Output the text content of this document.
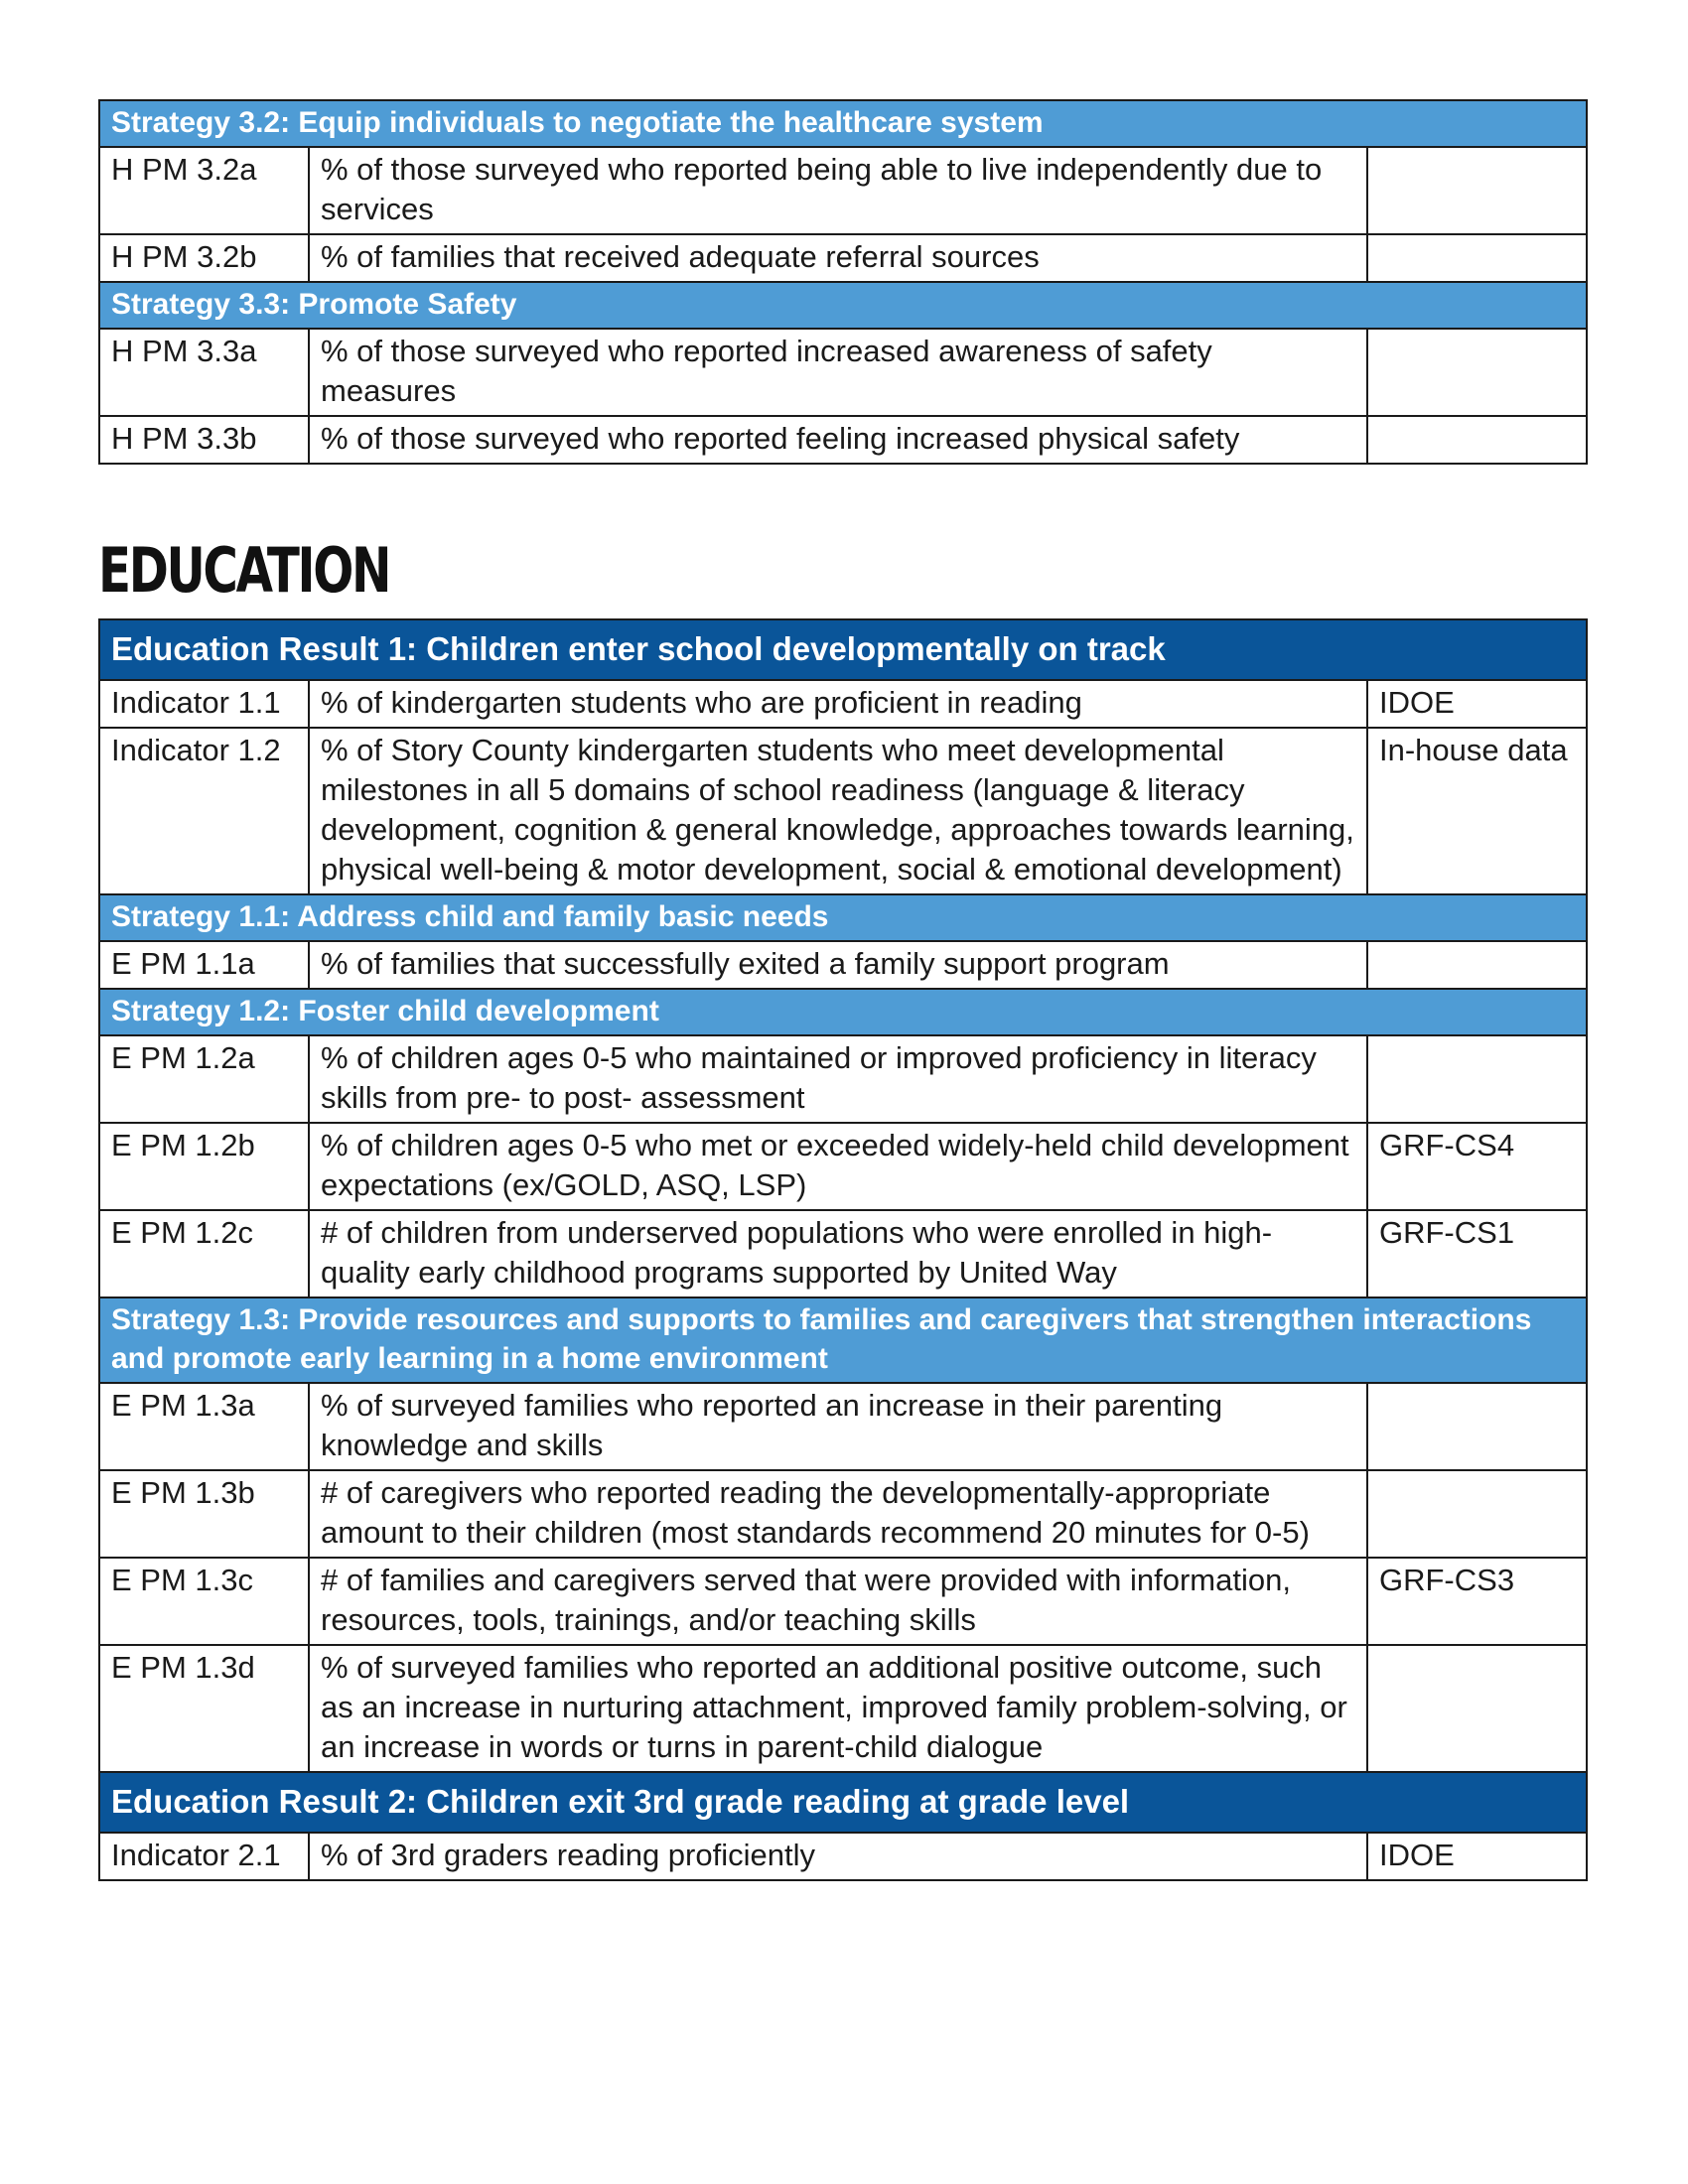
Strategy 3.2: Equip individuals to negotiate the healthcare system		
H PM 3.2a	% of those surveyed who reported being able to live independently due to services	
H PM 3.2b	% of families that received adequate referral sources	
Strategy 3.3: Promote Safety		
H PM 3.3a	% of those surveyed who reported increased awareness of safety measures	
H PM 3.3b	% of those surveyed who reported feeling increased physical safety	
EDUCATION
Education Result 1: Children enter school developmentally on track		
Indicator 1.1	% of kindergarten students who are proficient in reading	IDOE
Indicator 1.2	% of Story County kindergarten students who meet developmental milestones in all 5 domains of school readiness (language & literacy development, cognition & general knowledge, approaches towards learning, physical well-being & motor development, social & emotional development)	In-house data
Strategy 1.1: Address child and family basic needs		
E PM 1.1a	% of families that successfully exited a family support program	
Strategy 1.2: Foster child development		
E PM 1.2a	% of children ages 0-5 who maintained or improved proficiency in literacy skills from pre- to post- assessment	
E PM 1.2b	% of children ages 0-5 who met or exceeded widely-held child development expectations (ex/GOLD, ASQ, LSP)	GRF-CS4
E PM 1.2c	# of children from underserved populations who were enrolled in high-quality early childhood programs supported by United Way	GRF-CS1
Strategy 1.3: Provide resources and supports to families and caregivers that strengthen interactions and promote early learning in a home environment		
E PM 1.3a	% of surveyed families who reported an increase in their parenting knowledge and skills	
E PM 1.3b	# of caregivers who reported reading the developmentally-appropriate amount to their children (most standards recommend 20 minutes for 0-5)	
E PM 1.3c	# of families and caregivers served that were provided with information, resources, tools, trainings, and/or teaching skills	GRF-CS3
E PM 1.3d	% of surveyed families who reported an additional positive outcome, such as an increase in nurturing attachment, improved family problem-solving, or an increase in words or turns in parent-child dialogue	
Education Result 2: Children exit 3rd grade reading at grade level		
Indicator 2.1	% of 3rd graders reading proficiently	IDOE
